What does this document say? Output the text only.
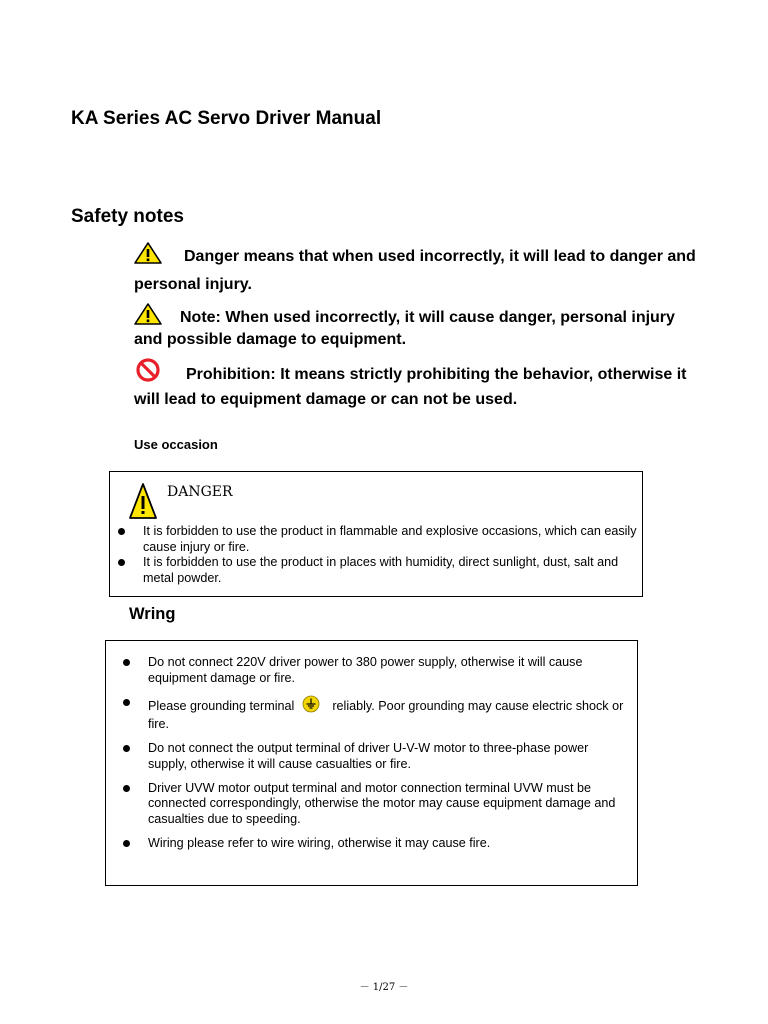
KA Series AC Servo Driver Manual
Safety notes
Danger means that when used incorrectly, it will lead to danger and personal injury.
Note: When used incorrectly, it will cause danger, personal injury and possible damage to equipment.
Prohibition: It means strictly prohibiting the behavior, otherwise it will lead to equipment damage or can not be used.
Use occasion
DANGER
It is forbidden to use the product in flammable and explosive occasions, which can easily cause injury or fire.
It is forbidden to use the product in places with humidity, direct sunlight, dust, salt and metal powder.
Wring
Do not connect 220V driver power to 380 power supply, otherwise it will cause equipment damage or fire.
Please grounding terminal	reliably. Poor grounding may cause electric shock or fire.
Do not connect the output terminal of driver U-V-W motor to three-phase power supply, otherwise it will cause casualties or fire.
Driver UVW motor output terminal and motor connection terminal UVW must be connected correspondingly, otherwise the motor may cause equipment damage and casualties due to speeding.
Wiring please refer to wire wiring, otherwise it may cause fire.
－ 1/27 －
